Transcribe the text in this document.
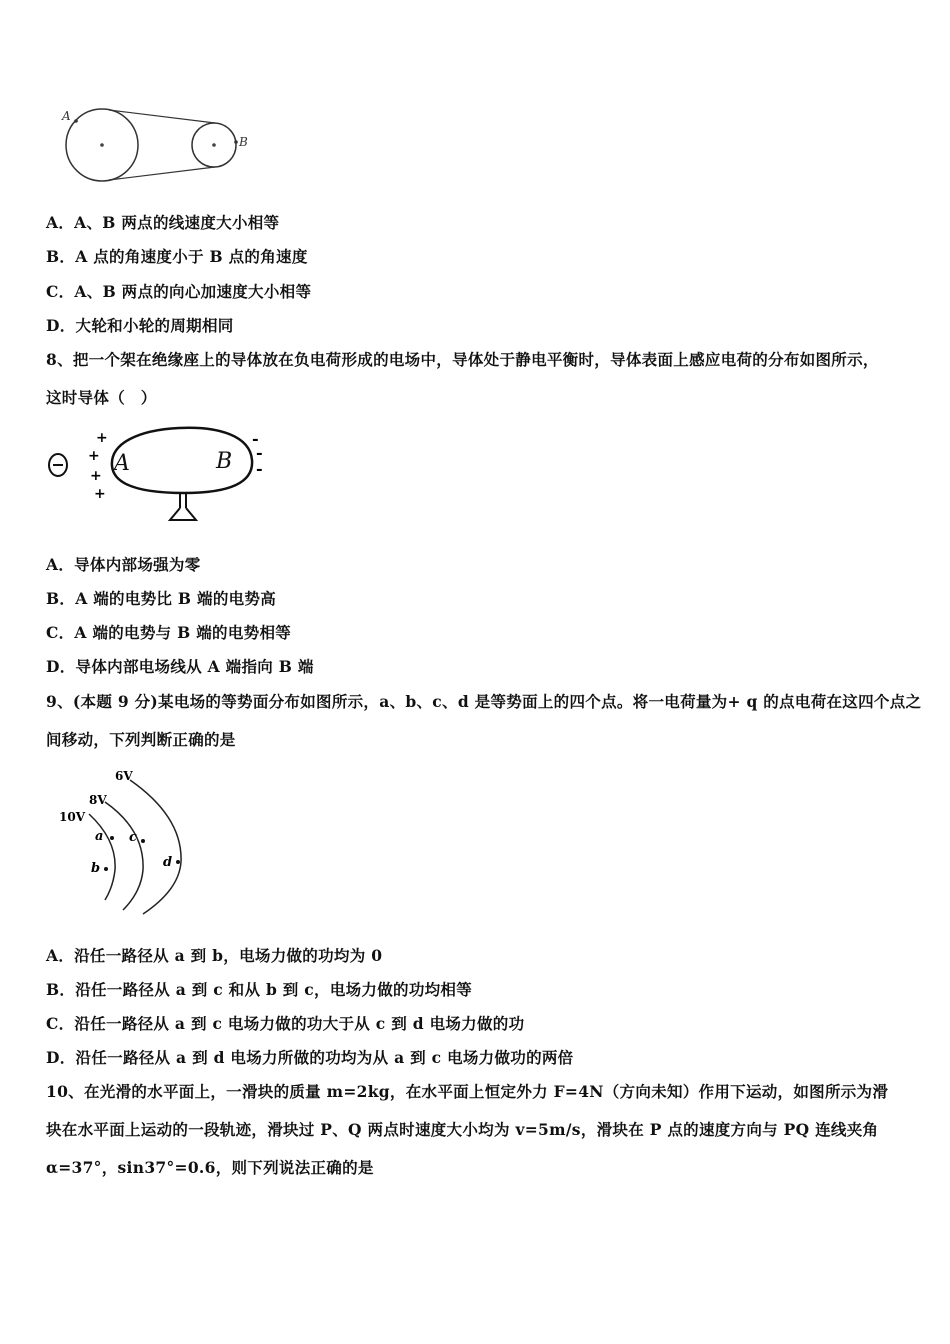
A
B
A．A、B 两点的线速度大小相等
B．A 点的角速度小于 B 点的角速度
C．A、B 两点的向心加速度大小相等
D．大轮和小轮的周期相同
8、把一个架在绝缘座上的导体放在负电荷形成的电场中，导体处于静电平衡时，导体表面上感应电荷的分布如图所示，
这时导体（　）
A	B
+
+
+
+
-
-
-
A．导体内部场强为零
B．A 端的电势比 B 端的电势高
C．A 端的电势与 B 端的电势相等
D．导体内部电场线从 A 端指向 B 端
9、(本题 9 分)某电场的等势面分布如图所示，a、b、c、d 是等势面上的四个点。将一电荷量为+ q 的点电荷在这四个点之
间移动，下列判断正确的是
10V
8V
6V
a
b
c
d
A．沿任一路径从 a 到 b，电场力做的功均为 0
B．沿任一路径从 a 到 c 和从 b 到 c，电场力做的功均相等
C．沿任一路径从 a 到 c 电场力做的功大于从 c 到 d 电场力做的功
D．沿任一路径从 a 到 d 电场力所做的功均为从 a 到 c 电场力做功的两倍
10、在光滑的水平面上，一滑块的质量 m=2kg，在水平面上恒定外力 F=4N（方向未知）作用下运动，如图所示为滑
块在水平面上运动的一段轨迹，滑块过 P、Q 两点时速度大小均为 v=5m/s，滑块在 P 点的速度方向与 PQ 连线夹角
α=37°，sin37°=0.6，则下列说法正确的是
